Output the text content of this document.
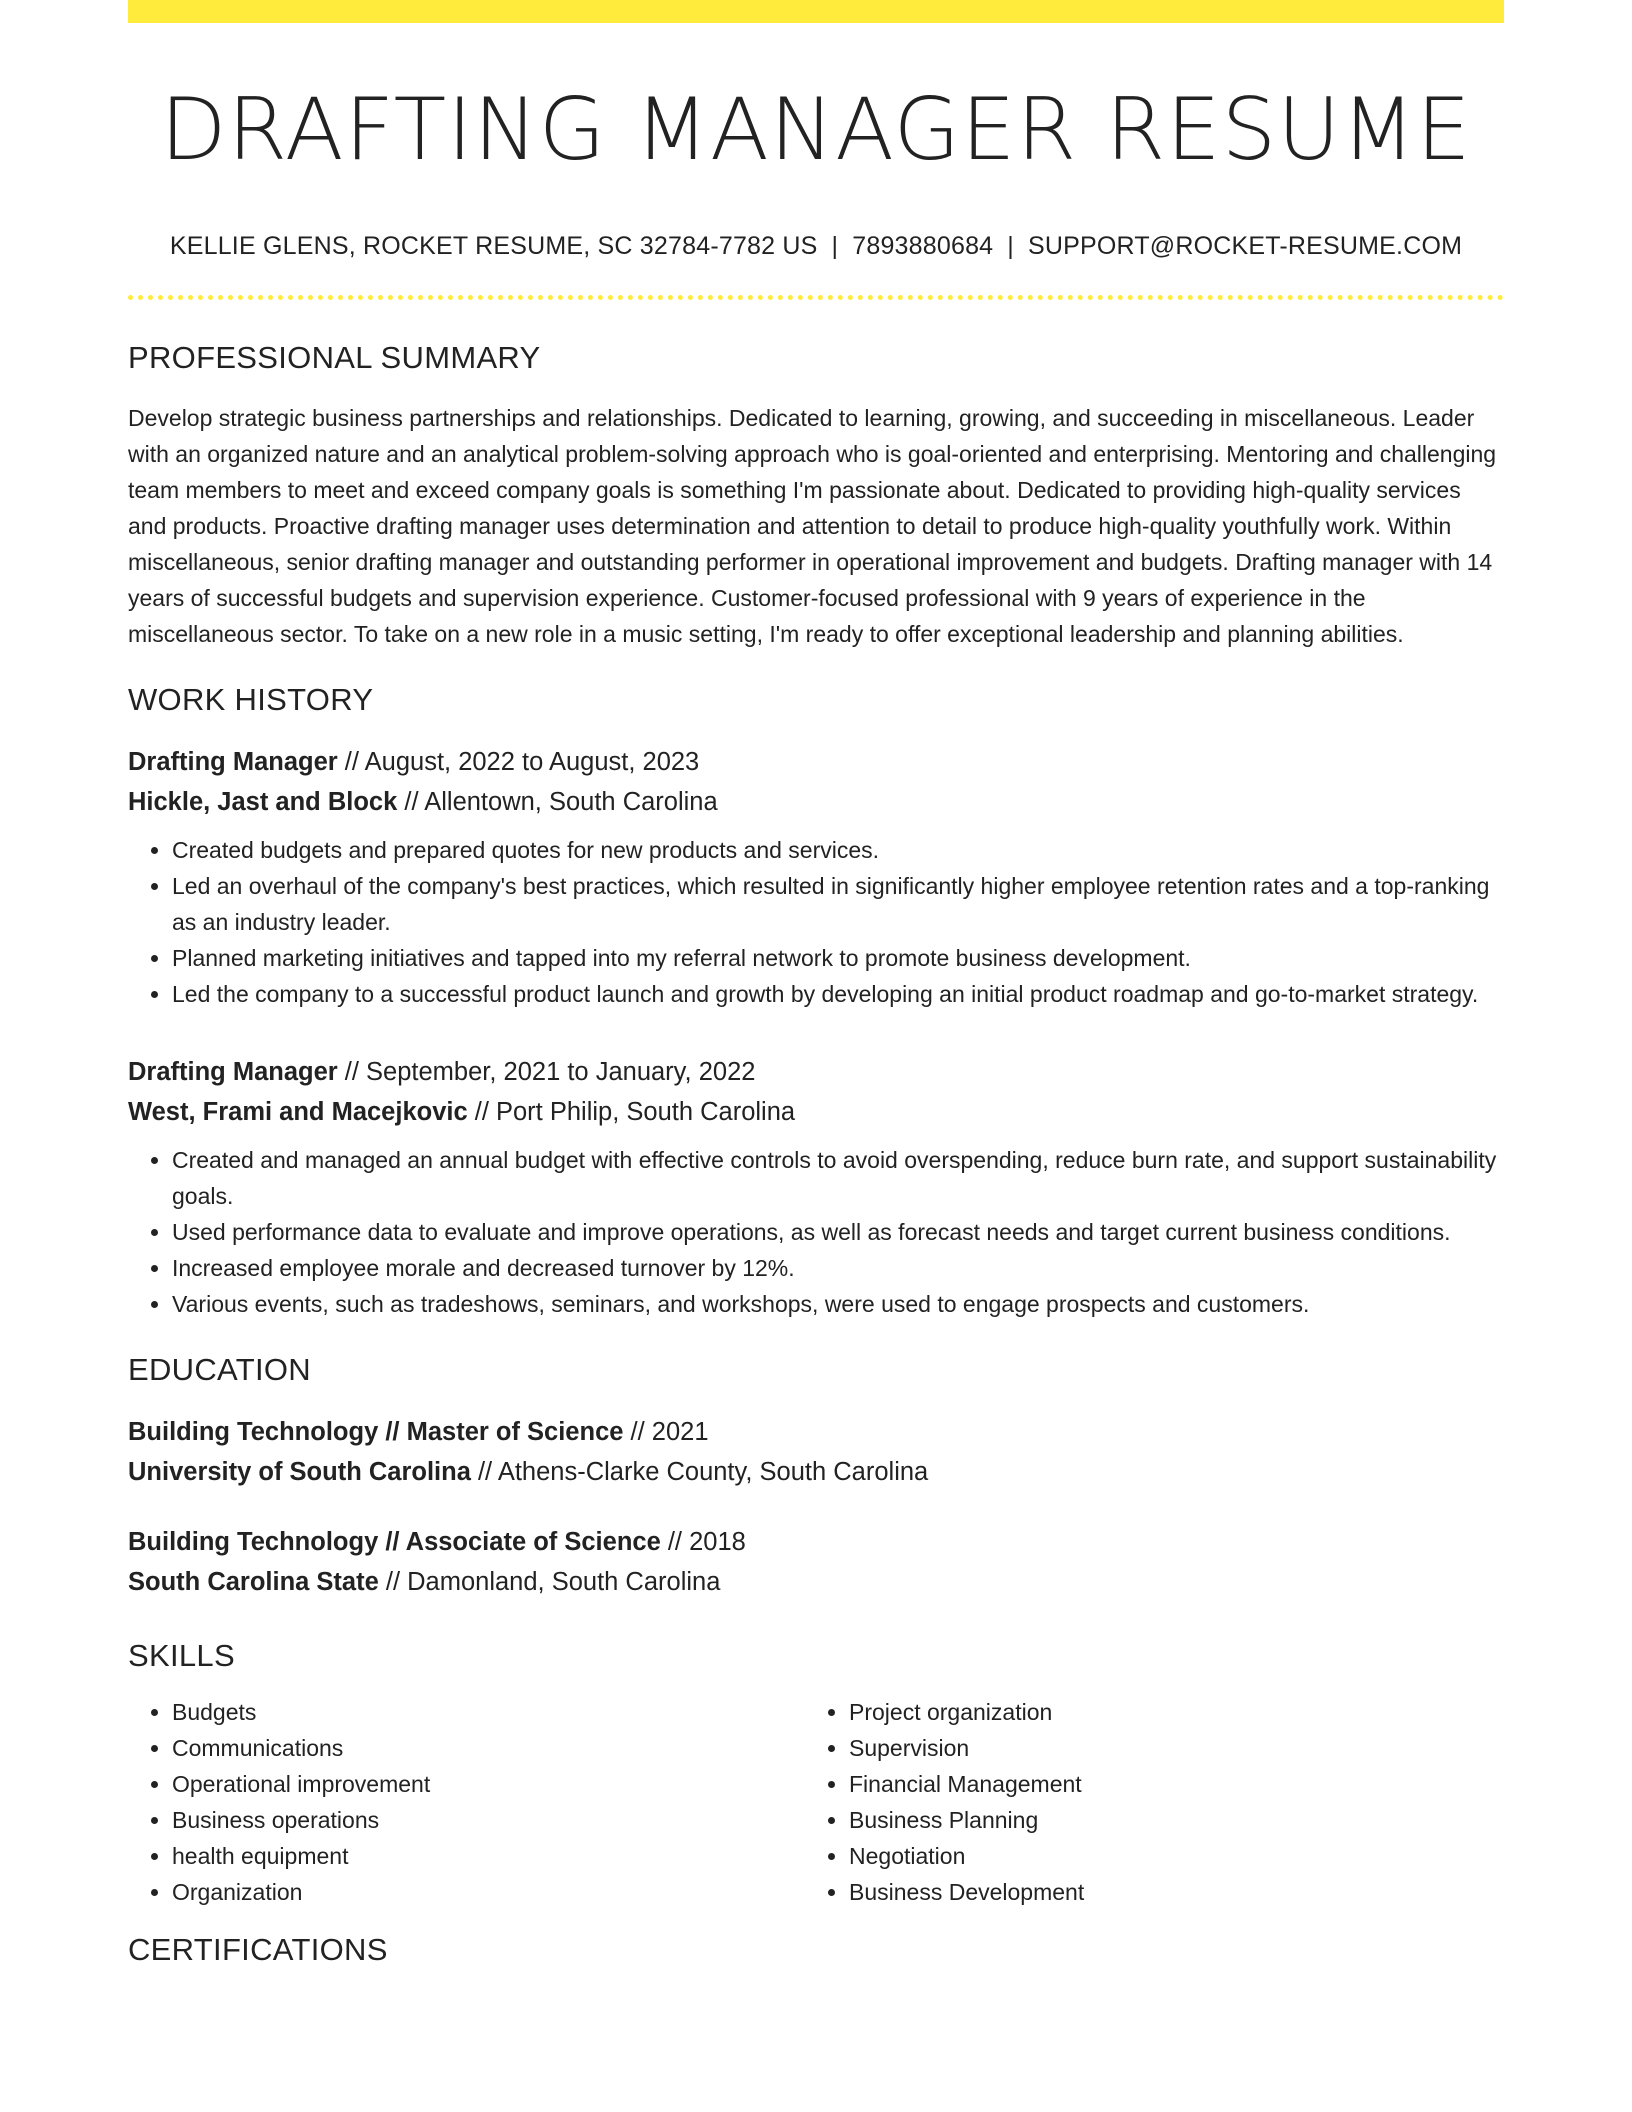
DRAFTING MANAGER RESUME
KELLIE GLENS, ROCKET RESUME, SC 32784-7782 US | 7893880684 | SUPPORT@ROCKET-RESUME.COM
PROFESSIONAL SUMMARY
Develop strategic business partnerships and relationships. Dedicated to learning, growing, and succeeding in miscellaneous. Leader with an organized nature and an analytical problem-solving approach who is goal-oriented and enterprising. Mentoring and challenging team members to meet and exceed company goals is something I'm passionate about. Dedicated to providing high-quality services and products. Proactive drafting manager uses determination and attention to detail to produce high-quality youthfully work. Within miscellaneous, senior drafting manager and outstanding performer in operational improvement and budgets. Drafting manager with 14 years of successful budgets and supervision experience. Customer-focused professional with 9 years of experience in the miscellaneous sector. To take on a new role in a music setting, I'm ready to offer exceptional leadership and planning abilities.
WORK HISTORY
Drafting Manager // August, 2022 to August, 2023
Hickle, Jast and Block // Allentown, South Carolina
• Created budgets and prepared quotes for new products and services.
• Led an overhaul of the company's best practices, which resulted in significantly higher employee retention rates and a top-ranking as an industry leader.
• Planned marketing initiatives and tapped into my referral network to promote business development.
• Led the company to a successful product launch and growth by developing an initial product roadmap and go-to-market strategy.
Drafting Manager // September, 2021 to January, 2022
West, Frami and Macejkovic // Port Philip, South Carolina
• Created and managed an annual budget with effective controls to avoid overspending, reduce burn rate, and support sustainability goals.
• Used performance data to evaluate and improve operations, as well as forecast needs and target current business conditions.
• Increased employee morale and decreased turnover by 12%.
• Various events, such as tradeshows, seminars, and workshops, were used to engage prospects and customers.
EDUCATION
Building Technology // Master of Science // 2021
University of South Carolina // Athens-Clarke County, South Carolina
Building Technology // Associate of Science // 2018
South Carolina State // Damonland, South Carolina
SKILLS
• Budgets
• Communications
• Operational improvement
• Business operations
• health equipment
• Organization
• Project organization
• Supervision
• Financial Management
• Business Planning
• Negotiation
• Business Development
CERTIFICATIONS
